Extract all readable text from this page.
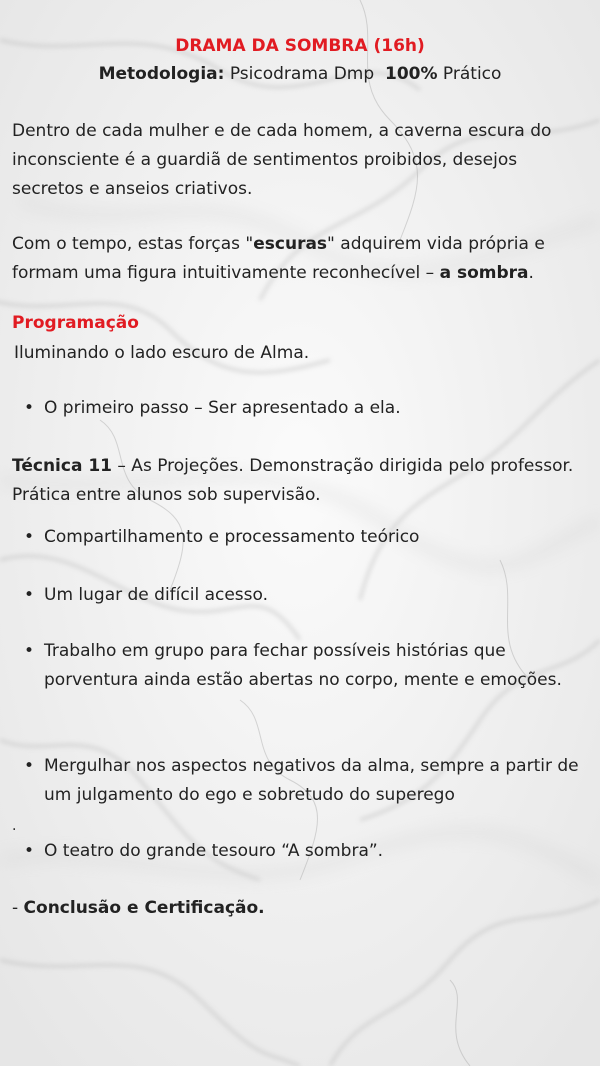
DRAMA DA SOMBRA (16h)

Metodologia: Psicodrama Dmp 100% Prático

Dentro de cada mulher e de cada homem, a caverna escura do inconsciente é a guardiã de sentimentos proibidos, desejos secretos e anseios criativos.

Com o tempo, estas forças "escuras" adquirem vida própria e formam uma figura intuitivamente reconhecível – a sombra.

Programação

Iluminando o lado escuro de Alma.

• O primeiro passo – Ser apresentado a ela.

Técnica 11 – As Projeções. Demonstração dirigida pelo professor. Prática entre alunos sob supervisão.

• Compartilhamento e processamento teórico

• Um lugar de difícil acesso.

• Trabalho em grupo para fechar possíveis histórias que porventura ainda estão abertas no corpo, mente e emoções.

• Mergulhar nos aspectos negativos da alma, sempre a partir de um julgamento do ego e sobretudo do superego

.

• O teatro do grande tesouro “A sombra”.

- Conclusão e Certificação.
